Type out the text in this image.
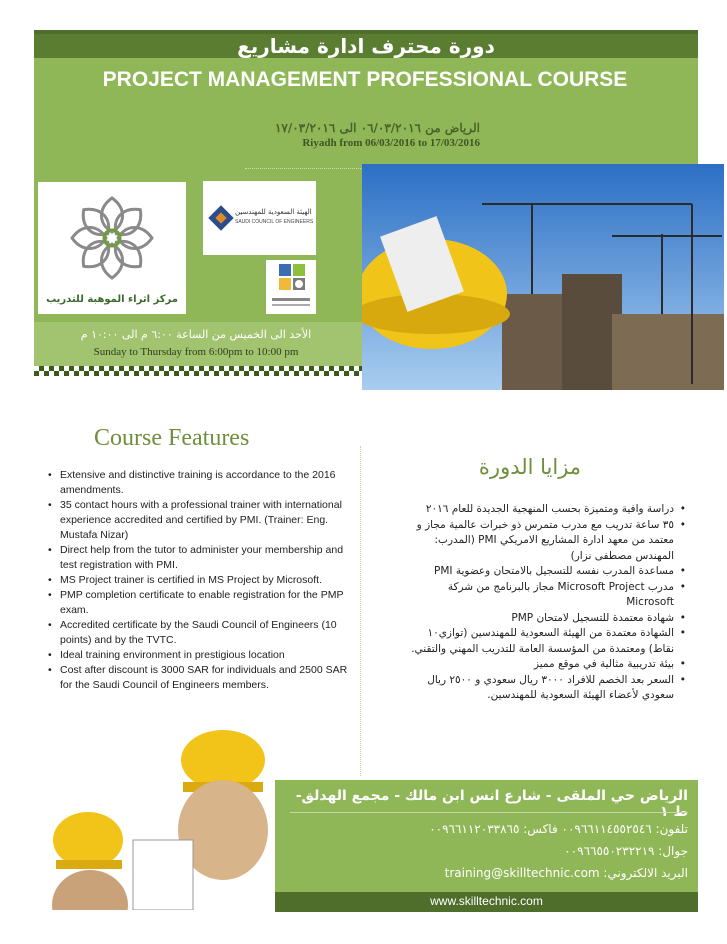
دورة محترف ادارة مشاريع
PROJECT MANAGEMENT PROFESSIONAL COURSE
الرياض من ٠٦/٠٣/٢٠١٦ الى ١٧/٠٣/٢٠١٦
Riyadh from 06/03/2016 to 17/03/2016
مركز اثراء الموهبة للتدريب
الهيئة السعودية للمهندسين
SAUDI COUNCIL OF ENGINEERS
الأحد الى الخميس من الساعة ٦:٠٠ م الى ١٠:٠٠ م
Sunday to Thursday from 6:00pm to 10:00 pm
Course Features
• Extensive and distinctive training is accordance to the 2016 amendments.
• 35 contact hours with a professional trainer with international experience accredited and certified by PMI. (Trainer: Eng. Mustafa Nizar)
• Direct help from the tutor to administer your membership and test registration with PMI.
• MS Project trainer is certified in MS Project by Microsoft.
• PMP completion certificate to enable registration for the PMP exam.
• Accredited certificate by the Saudi Council of Engineers (10 points) and by the TVTC.
• Ideal training environment in prestigious location
• Cost after discount is 3000 SAR for individuals and 2500 SAR for the Saudi Council of Engineers members.
مزايا الدورة
• دراسة وافية ومتميزة بحسب المنهجية الجديدة للعام ٢٠١٦
• ٣٥ ساعة تدريب مع مدرب متمرس ذو خبرات عالمية مجاز و معتمد من معهد ادارة المشاريع الامريكي PMI (المدرب: المهندس مصطفى نزار)
• مساعدة المدرب نفسه للتسجيل بالامتحان وعضوية PMI
• مدرب Microsoft Project مجاز بالبرنامج من شركة Microsoft
• شهادة معتمدة للتسجيل لامتحان PMP
• الشهادة معتمدة من الهيئة السعودية للمهندسين (توازي١٠ نقاط) ومعتمدة من المؤسسة العامة للتدريب المهني والتقني.
• بيئة تدريبية مثالية في موقع مميز
• السعر بعد الخصم للافراد ٣٠٠٠ ريال سعودي و ٢٥٠٠ ريال سعودي لأعضاء الهيئة السعودية للمهندسين.
الرياض حي الملقى - شارع انس ابن مالك - مجمع الهدلق- ط ١
تلفون: ٠٠٩٦٦١١٤٥٥٢٥٤٦ فاكس: ٠٠٩٦٦١١٢٠٣٣٨٦٥
جوال: ٠٠٩٦٦٥٥٠٢٣٢٢١٩
البريد الالكتروني: training@skilltechnic.com
www.skilltechnic.com
